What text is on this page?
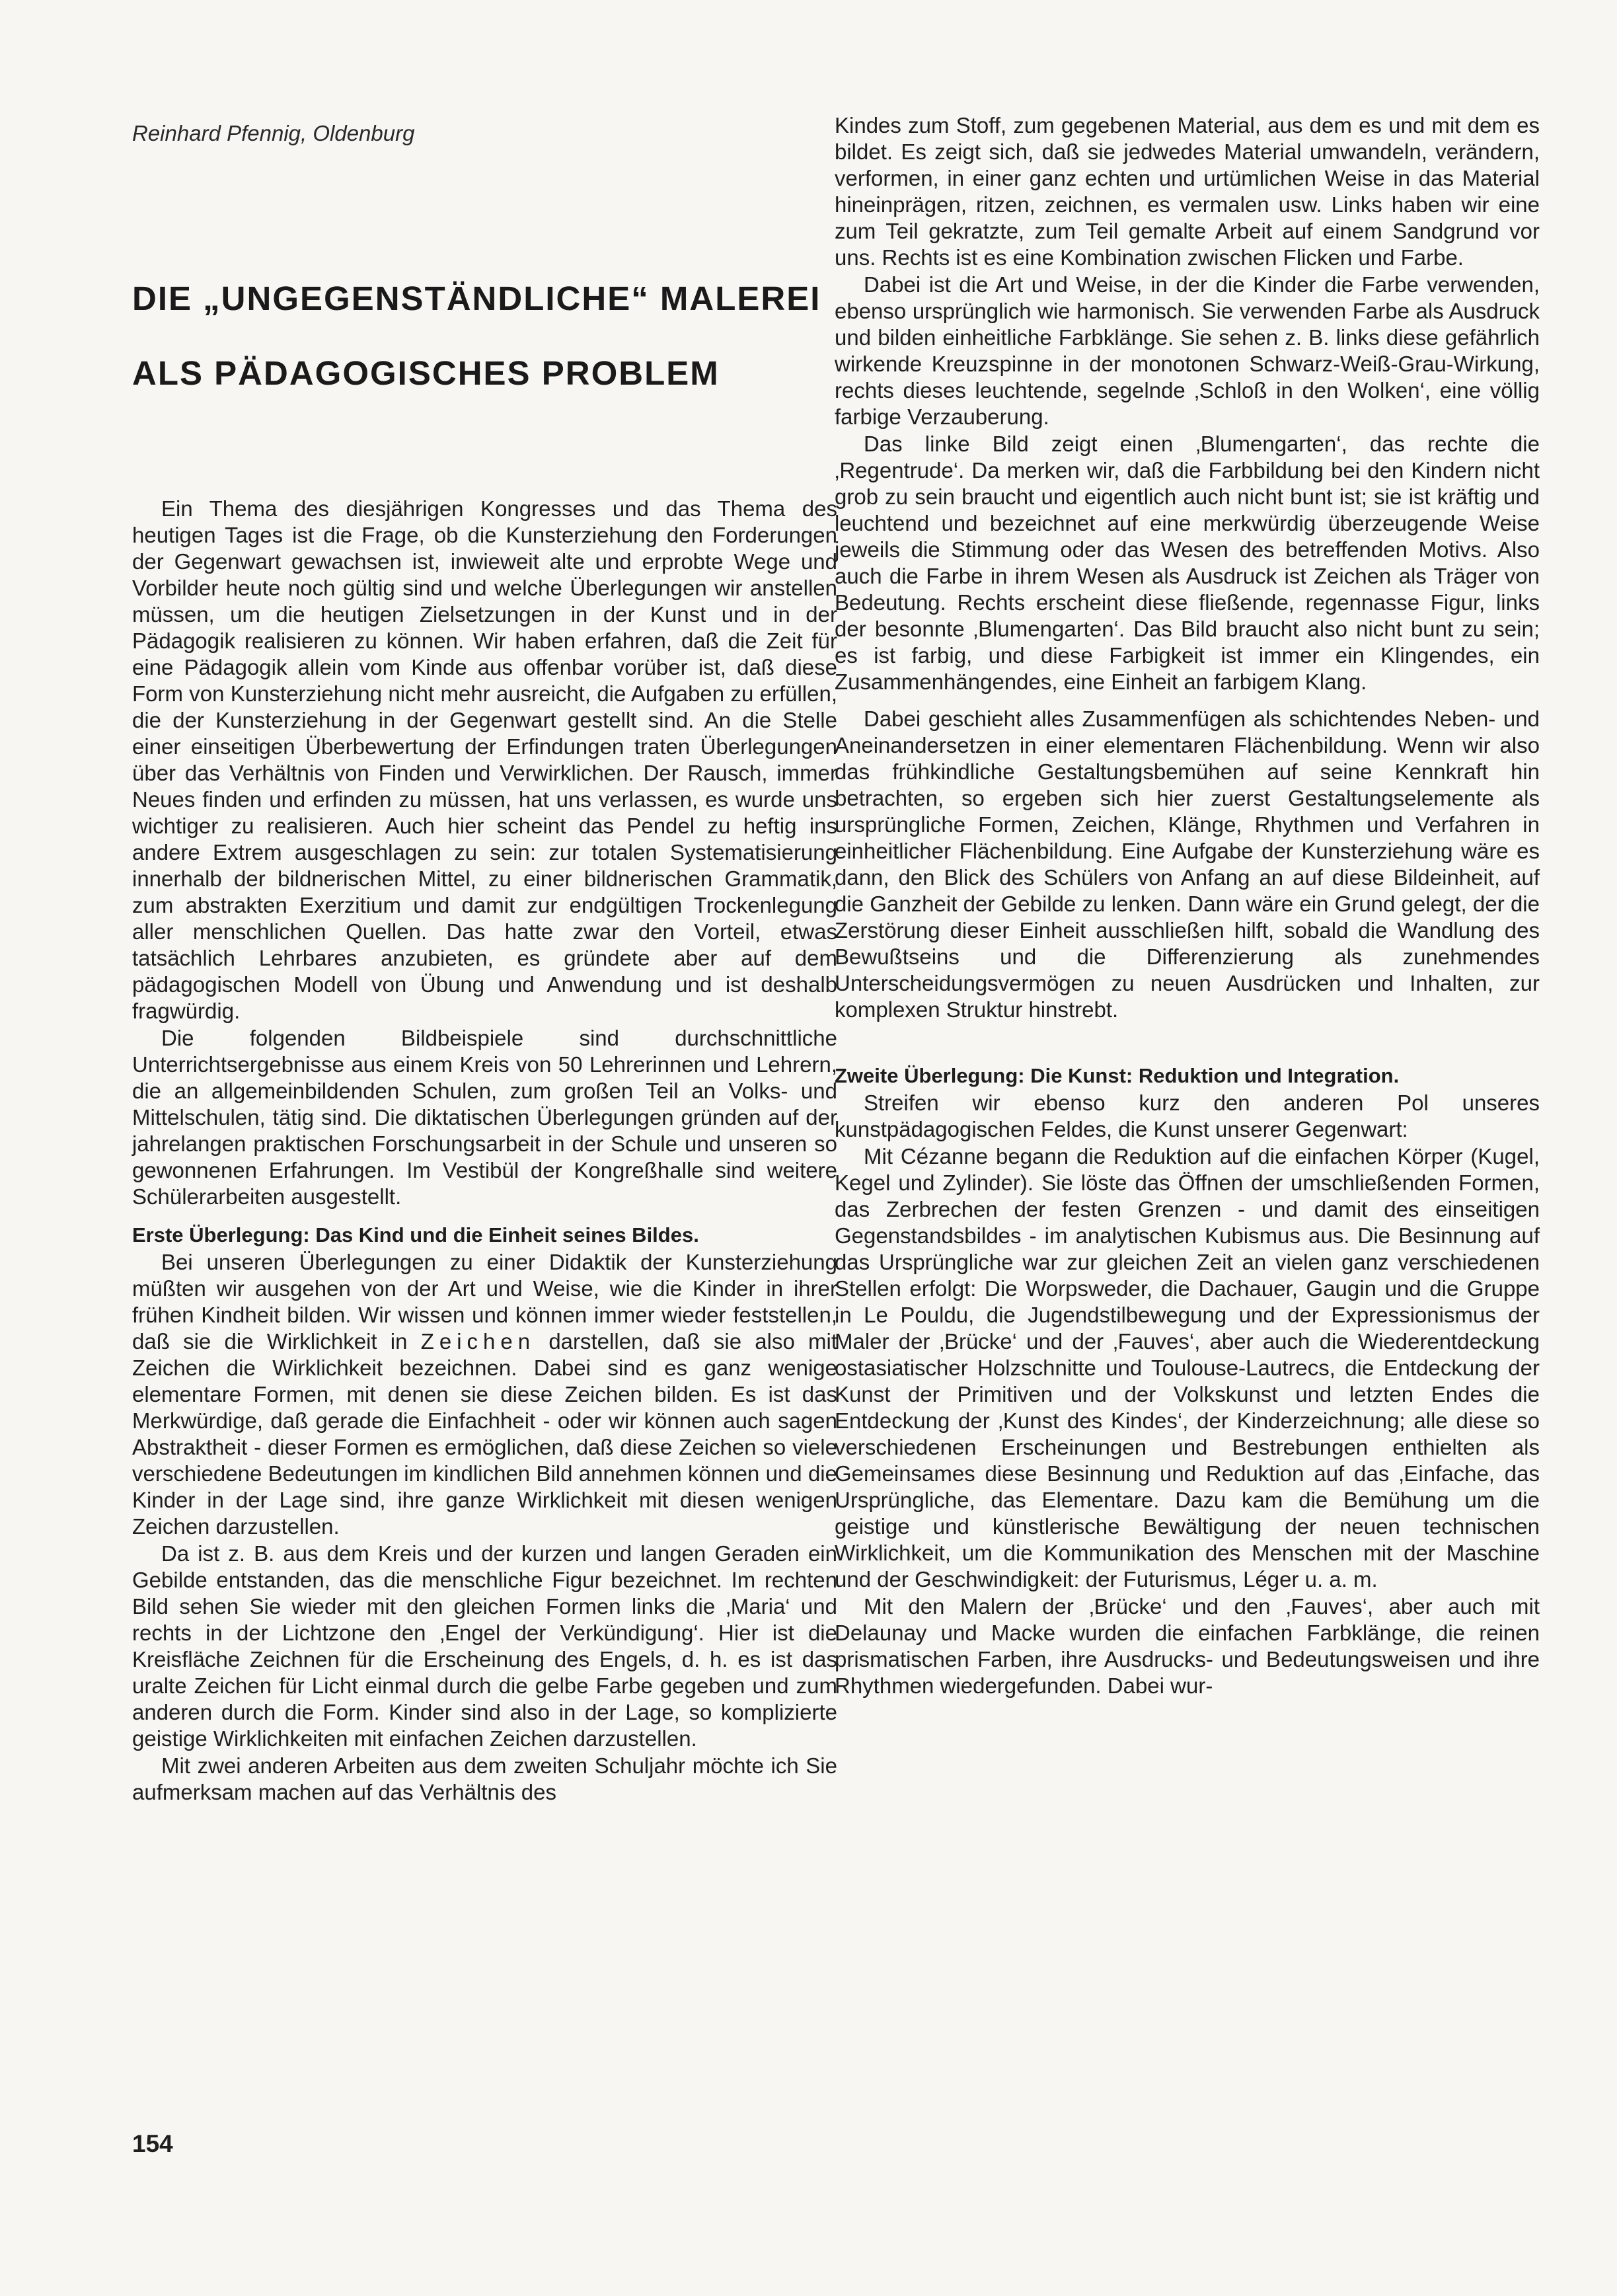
Reinhard Pfennig, Oldenburg
DIE „UNGEGENSTÄNDLICHE“ MALEREI
ALS PÄDAGOGISCHES PROBLEM

Ein Thema des diesjährigen Kongresses und das Thema des heutigen Tages ist die Frage, ob die Kunsterziehung den Forderungen der Gegenwart gewachsen ist, inwieweit alte und erprobte Wege und Vorbilder heute noch gültig sind und welche Überlegungen wir anstellen müssen, um die heutigen Zielsetzungen in der Kunst und in der Pädagogik realisieren zu können. Wir haben erfahren, daß die Zeit für eine Pädagogik allein vom Kinde aus offenbar vorüber ist, daß diese Form von Kunsterziehung nicht mehr ausreicht, die Aufgaben zu erfüllen, die der Kunsterziehung in der Gegenwart gestellt sind. An die Stelle einer einseitigen Überbewertung der Erfindungen traten Überlegungen über das Verhältnis von Finden und Verwirklichen. Der Rausch, immer Neues finden und erfinden zu müssen, hat uns verlassen, es wurde uns wichtiger zu realisieren. Auch hier scheint das Pendel zu heftig ins andere Extrem ausgeschlagen zu sein: zur totalen Systematisierung innerhalb der bildnerischen Mittel, zu einer bildnerischen Grammatik, zum abstrakten Exerzitium und damit zur endgültigen Trockenlegung aller menschlichen Quellen. Das hatte zwar den Vorteil, etwas tatsächlich Lehrbares anzubieten, es gründete aber auf dem pädagogischen Modell von Übung und Anwendung und ist deshalb fragwürdig.

Die folgenden Bildbeispiele sind durchschnittliche Unterrichtsergebnisse aus einem Kreis von 50 Lehrerinnen und Lehrern, die an allgemeinbildenden Schulen, zum großen Teil an Volks- und Mittelschulen, tätig sind. Die diktatischen Überlegungen gründen auf der jahrelangen praktischen Forschungsarbeit in der Schule und unseren so gewonnenen Erfahrungen. Im Vestibül der Kongreßhalle sind weitere Schülerarbeiten ausgestellt.

Erste Überlegung: Das Kind und die Einheit seines Bildes.

Bei unseren Überlegungen zu einer Didaktik der Kunsterziehung müßten wir ausgehen von der Art und Weise, wie die Kinder in ihrer frühen Kindheit bilden. Wir wissen und können immer wieder feststellen, daß sie die Wirklichkeit in Zeichen darstellen, daß sie also mit Zeichen die Wirklichkeit bezeichnen. Dabei sind es ganz wenige elementare Formen, mit denen sie diese Zeichen bilden. Es ist das Merkwürdige, daß gerade die Einfachheit - oder wir können auch sagen Abstraktheit - dieser Formen es ermöglichen, daß diese Zeichen so viele verschiedene Bedeutungen im kindlichen Bild annehmen können und die Kinder in der Lage sind, ihre ganze Wirklichkeit mit diesen wenigen Zeichen darzustellen.

Da ist z. B. aus dem Kreis und der kurzen und langen Geraden ein Gebilde entstanden, das die menschliche Figur bezeichnet. Im rechten Bild sehen Sie wieder mit den gleichen Formen links die ‚Maria‘ und rechts in der Lichtzone den ‚Engel der Verkündigung‘. Hier ist die Kreisfläche Zeichnen für die Erscheinung des Engels, d. h. es ist das uralte Zeichen für Licht einmal durch die gelbe Farbe gegeben und zum anderen durch die Form. Kinder sind also in der Lage, so komplizierte geistige Wirklichkeiten mit einfachen Zeichen darzustellen.

Mit zwei anderen Arbeiten aus dem zweiten Schuljahr möchte ich Sie aufmerksam machen auf das Verhältnis des

Kindes zum Stoff, zum gegebenen Material, aus dem es und mit dem es bildet. Es zeigt sich, daß sie jedwedes Material umwandeln, verändern, verformen, in einer ganz echten und urtümlichen Weise in das Material hineinprägen, ritzen, zeichnen, es vermalen usw. Links haben wir eine zum Teil gekratzte, zum Teil gemalte Arbeit auf einem Sandgrund vor uns. Rechts ist es eine Kombination zwischen Flicken und Farbe.

Dabei ist die Art und Weise, in der die Kinder die Farbe verwenden, ebenso ursprünglich wie harmonisch. Sie verwenden Farbe als Ausdruck und bilden einheitliche Farbklänge. Sie sehen z. B. links diese gefährlich wirkende Kreuzspinne in der monotonen Schwarz-Weiß-Grau-Wirkung, rechts dieses leuchtende, segelnde ‚Schloß in den Wolken‘, eine völlig farbige Verzauberung.

Das linke Bild zeigt einen ‚Blumengarten‘, das rechte die ‚Regentrude‘. Da merken wir, daß die Farbbildung bei den Kindern nicht grob zu sein braucht und eigentlich auch nicht bunt ist; sie ist kräftig und leuchtend und bezeichnet auf eine merkwürdig überzeugende Weise jeweils die Stimmung oder das Wesen des betreffenden Motivs. Also auch die Farbe in ihrem Wesen als Ausdruck ist Zeichen als Träger von Bedeutung. Rechts erscheint diese fließende, regennasse Figur, links der besonnte ‚Blumengarten‘. Das Bild braucht also nicht bunt zu sein; es ist farbig, und diese Farbigkeit ist immer ein Klingendes, ein Zusammenhängendes, eine Einheit an farbigem Klang.

Dabei geschieht alles Zusammenfügen als schichtendes Neben- und Aneinandersetzen in einer elementaren Flächenbildung. Wenn wir also das frühkindliche Gestaltungsbemühen auf seine Kennkraft hin betrachten, so ergeben sich hier zuerst Gestaltungselemente als ursprüngliche Formen, Zeichen, Klänge, Rhythmen und Verfahren in einheitlicher Flächenbildung. Eine Aufgabe der Kunsterziehung wäre es dann, den Blick des Schülers von Anfang an auf diese Bildeinheit, auf die Ganzheit der Gebilde zu lenken. Dann wäre ein Grund gelegt, der die Zerstörung dieser Einheit ausschließen hilft, sobald die Wandlung des Bewußtseins und die Differenzierung als zunehmendes Unterscheidungsvermögen zu neuen Ausdrücken und Inhalten, zur komplexen Struktur hinstrebt.

Zweite Überlegung: Die Kunst: Reduktion und Integration.

Streifen wir ebenso kurz den anderen Pol unseres kunstpädagogischen Feldes, die Kunst unserer Gegenwart:

Mit Cézanne begann die Reduktion auf die einfachen Körper (Kugel, Kegel und Zylinder). Sie löste das Öffnen der umschließenden Formen, das Zerbrechen der festen Grenzen - und damit des einseitigen Gegenstandsbildes - im analytischen Kubismus aus. Die Besinnung auf das Ursprüngliche war zur gleichen Zeit an vielen ganz verschiedenen Stellen erfolgt: Die Worpsweder, die Dachauer, Gaugin und die Gruppe in Le Pouldu, die Jugendstilbewegung und der Expressionismus der Maler der ‚Brücke‘ und der ‚Fauves‘, aber auch die Wiederentdeckung ostasiatischer Holzschnitte und Toulouse-Lautrecs, die Entdeckung der Kunst der Primitiven und der Volkskunst und letzten Endes die Entdeckung der ‚Kunst des Kindes‘, der Kinderzeichnung; alle diese so verschiedenen Erscheinungen und Bestrebungen enthielten als Gemeinsames diese Besinnung und Reduktion auf das ‚Einfache, das Ursprüngliche, das Elementare. Dazu kam die Bemühung um die geistige und künstlerische Bewältigung der neuen technischen Wirklichkeit, um die Kommunikation des Menschen mit der Maschine und der Geschwindigkeit: der Futurismus, Léger u. a. m.

Mit den Malern der ‚Brücke‘ und den ‚Fauves‘, aber auch mit Delaunay und Macke wurden die einfachen Farbklänge, die reinen prismatischen Farben, ihre Ausdrucks- und Bedeutungsweisen und ihre Rhythmen wiedergefunden. Dabei wur-

154
